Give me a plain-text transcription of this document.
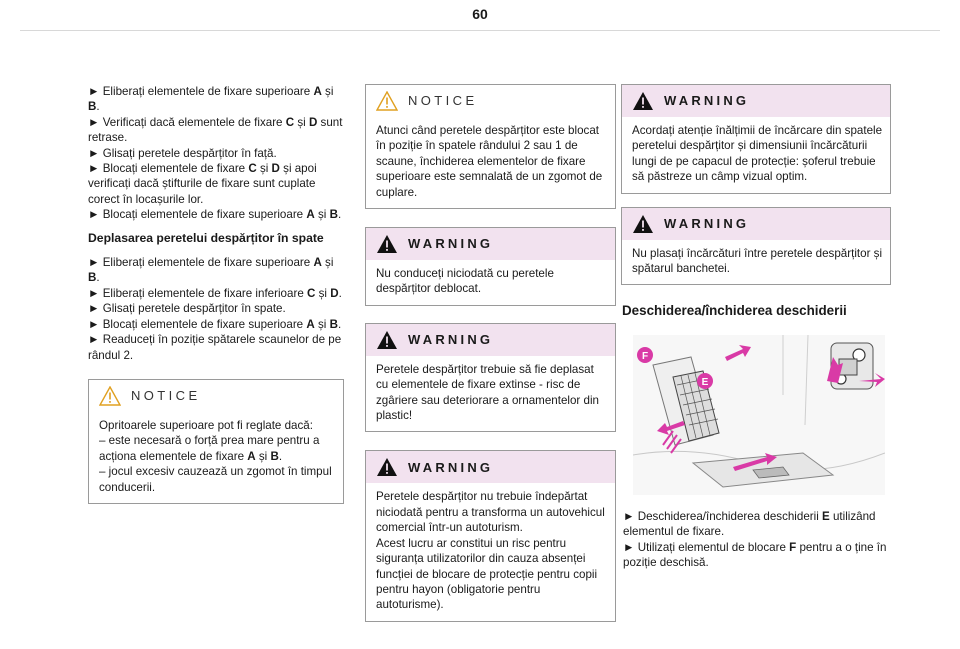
60
► Eliberați elementele de fixare superioare A și B.
► Verificați dacă elementele de fixare C și D sunt retrase.
► Glisați peretele despărțitor în față.
► Blocați elementele de fixare C și D și apoi verificați dacă știfturile de fixare sunt cuplate corect în locașurile lor.
► Blocați elementele de fixare superioare A și B.
Deplasarea peretelui despărțitor în spate
► Eliberați elementele de fixare superioare A și B.
► Eliberați elementele de fixare inferioare C și D.
► Glisați peretele despărțitor în spate.
► Blocați elementele de fixare superioare A și B.
► Readuceți în poziție spătarele scaunelor de pe rândul 2.
NOTICE
Opritoarele superioare pot fi reglate dacă:
– este necesară o forță prea mare pentru a acționa elementele de fixare A și B.
– jocul excesiv cauzează un zgomot în timpul conducerii.
NOTICE
Atunci când peretele despărțitor este blocat în poziție în spatele rândului 2 sau 1 de scaune, închiderea elementelor de fixare superioare este semnalată de un zgomot de cuplare.
WARNING
Nu conduceți niciodată cu peretele despărțitor deblocat.
WARNING
Peretele despărțitor trebuie să fie deplasat cu elementele de fixare extinse - risc de zgâriere sau deteriorare a ornamentelor din plastic!
WARNING
Peretele despărțitor nu trebuie îndepărtat niciodată pentru a transforma un autovehicul comercial într-un autoturism.
Acest lucru ar constitui un risc pentru siguranța utilizatorilor din cauza absenței funcției de blocare de protecție pentru copii pentru hayon (obligatorie pentru autoturisme).
WARNING
Acordați atenție înălțimii de încărcare din spatele peretelui despărțitor și dimensiunii încărcăturii lungi de pe capacul de protecție: șoferul trebuie să păstreze un câmp vizual optim.
WARNING
Nu plasați încărcături între peretele despărțitor și spătarul banchetei.
Deschiderea/închiderea deschiderii
F
E
► Deschiderea/închiderea deschiderii E utilizând elementul de fixare.
► Utilizați elementul de blocare F pentru a o ține în poziție deschisă.
